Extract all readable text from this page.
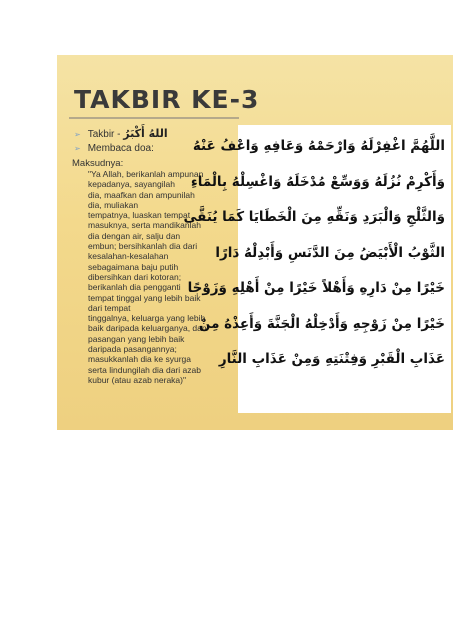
TAKBIR KE-3
➢ Takbir - اللهُ أَكْبَرُ
➢ Membaca doa:
Maksudnya:
"Ya Allah, berikanlah ampunan
kepadanya, sayangilah
dia, maafkan dan ampunilah
dia, muliakan
tempatnya, luaskan tempat
masuknya, serta mandikanlah
dia dengan air, salju dan
embun; bersihkanlah dia dari
kesalahan-kesalahan
sebagaimana baju putih
dibersihkan dari kotoran;
berikanlah dia pengganti
tempat tinggal yang lebih baik
dari tempat
tinggalnya, keluarga yang lebih
baik daripada keluarganya, dan
pasangan yang lebih baik
daripada pasangannya;
masukkanlah dia ke syurga
serta lindungilah dia dari azab
kubur (atau azab neraka)"
اللَّهُمَّ اغْفِرْلَهُ وَارْحَمْهُ وَعَافِهِ وَاعْفُ عَنْهُ
وَأَكْرِمْ نُزُلَهُ وَوَسِّعْ مُدْخَلَهُ وَاغْسِلْهُ بِالْمَاءِ
وَالثَّلْجِ وَالْبَرَدِ وَنَقِّهِ مِنَ الْخَطَايَا كَمَا يُنَقَّى
الثَّوْبُ الْأَبْيَضُ مِنَ الدَّنَسِ وَأَبْدِلْهُ دَارًا
خَيْرًا مِنْ دَارِهِ وَأَهْلاً خَيْرًا مِنْ أَهْلِهِ وَزَوْجًا
خَيْرًا مِنْ زَوْجِهِ وَأَدْخِلْهُ الْجَنَّةَ وَأَعِذْهُ مِنْ
عَذَابِ الْقَبْرِ وَفِتْنَتِهِ وَمِنْ عَذَابِ النَّارِ
